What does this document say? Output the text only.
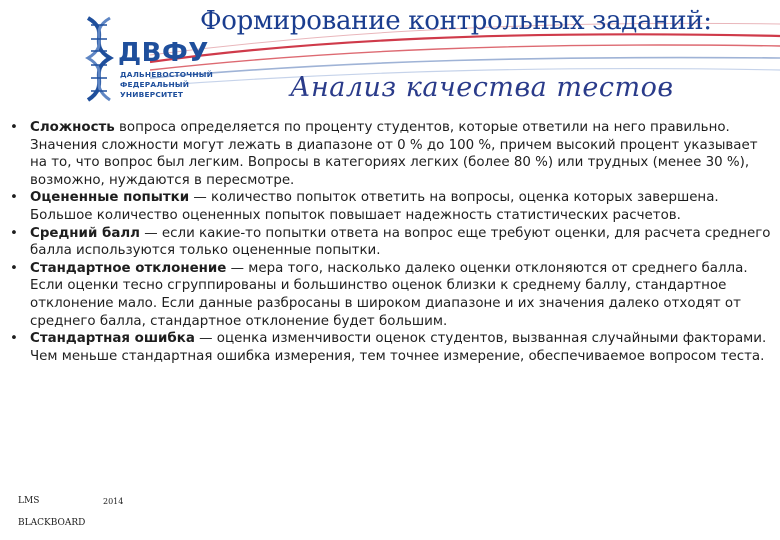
ДВФУ
ДАЛЬНЕВОСТОЧНЫЙ
ФЕДЕРАЛЬНЫЙ
УНИВЕРСИТЕТ
Формирование контрольных заданий:
Анализ качества тестов
• Сложность вопроса определяется по проценту студентов, которые ответили на него правильно. Значения сложности могут лежать в диапазоне от 0 % до 100 %, причем высокий процент указывает на то, что вопрос был легким. Вопросы в категориях легких (более 80 %) или трудных (менее 30 %), возможно, нуждаются в пересмотре.
• Оцененные попытки — количество попыток ответить на вопросы, оценка которых завершена. Большое количество оцененных попыток повышает надежность статистических расчетов.
• Средний балл — если какие-то попытки ответа на вопрос еще требуют оценки, для расчета среднего балла используются только оцененные попытки.
• Стандартное отклонение — мера того, насколько далеко оценки отклоняются от среднего балла. Если оценки тесно сгруппированы и большинство оценок близки к среднему баллу, стандартное отклонение мало. Если данные разбросаны в широком диапазоне и их значения далеко отходят от среднего балла, стандартное отклонение будет большим.
• Стандартная ошибка — оценка изменчивости оценок студентов, вызванная случайными факторами. Чем меньше стандартная ошибка измерения, тем точнее измерение, обеспечиваемое вопросом теста.
LMS	2014
BLACKBOARD
